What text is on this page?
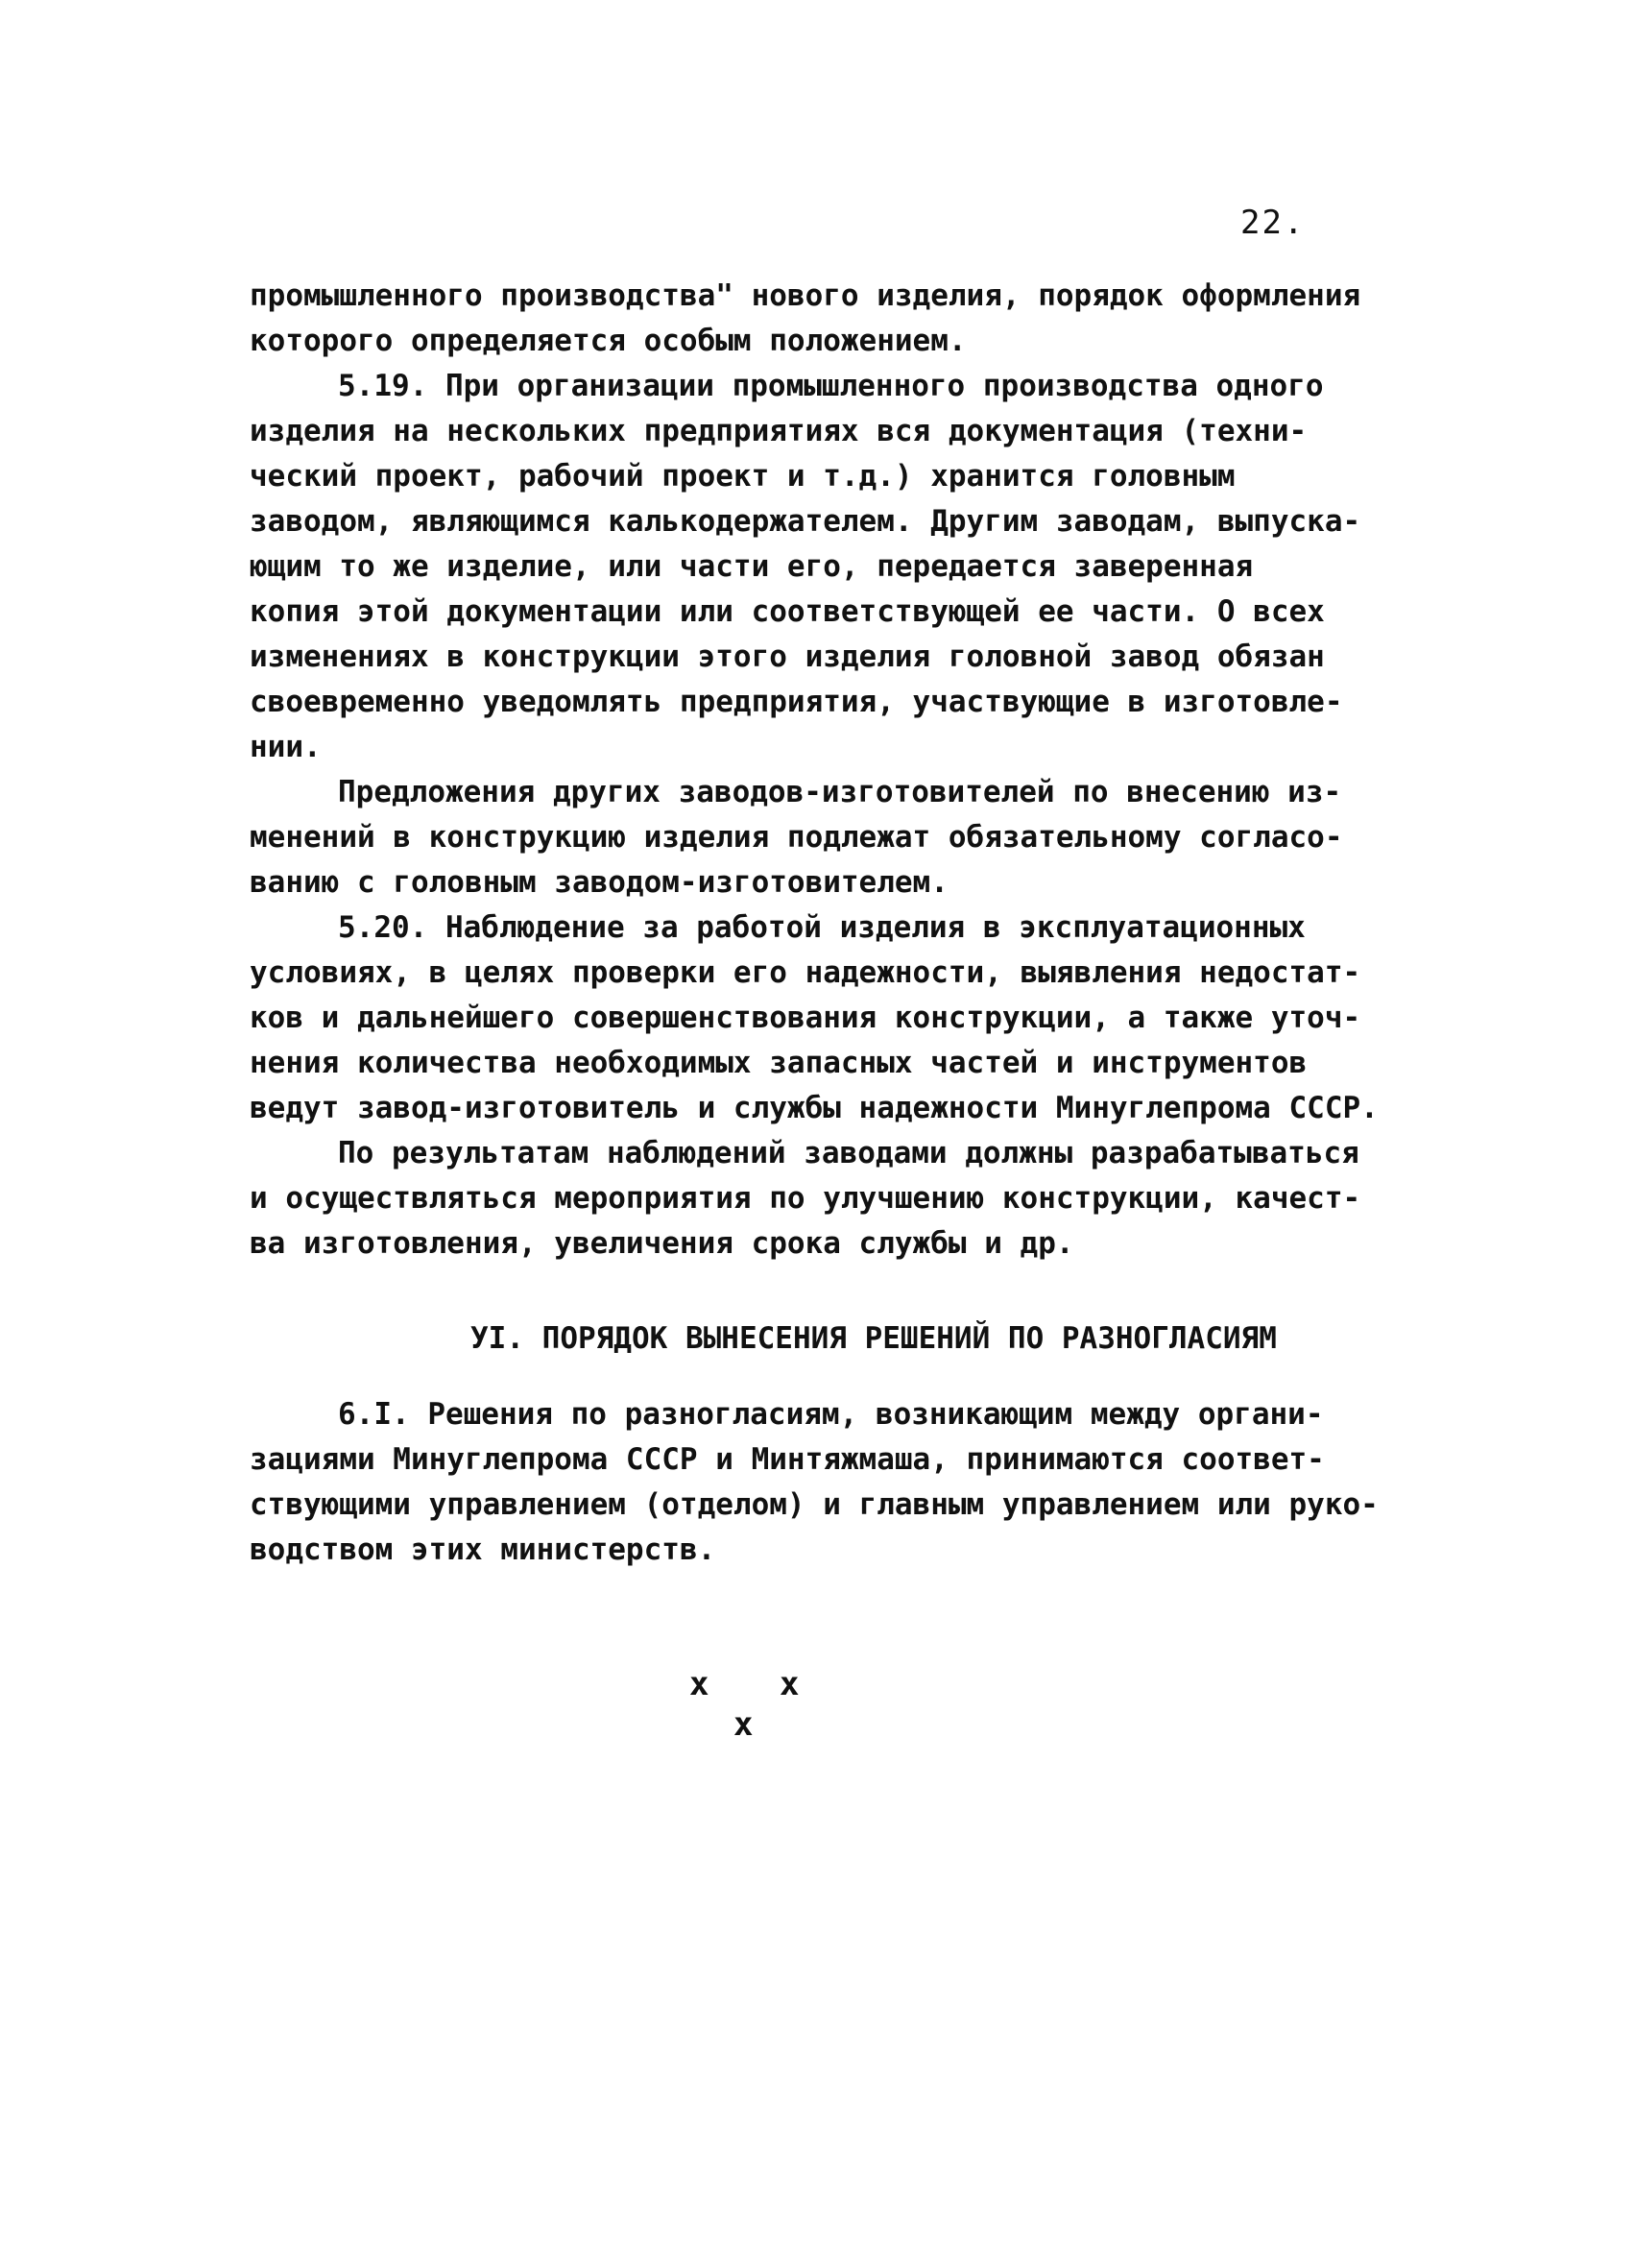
22.
промышленного производства" нового изделия, порядок оформления
которого определяется особым положением.
5.19. При организации промышленного производства одного
изделия на нескольких предприятиях вся документация (техни-
ческий проект, рабочий проект и т.д.) хранится головным
заводом, являющимся калькодержателем. Другим заводам, выпуска-
ющим то же изделие, или части его, передается заверенная
копия этой документации или соответствующей ее части. О всех
изменениях в конструкции этого изделия головной завод обязан
своевременно уведомлять предприятия, участвующие в изготовле-
нии.
Предложения других заводов-изготовителей по внесению из-
менений в конструкцию изделия подлежат обязательному согласо-
ванию с головным заводом-изготовителем.
5.20. Наблюдение за работой изделия в эксплуатационных
условиях, в целях проверки его надежности, выявления недостат-
ков и дальнейшего совершенствования конструкции, а также уточ-
нения количества необходимых запасных частей и инструментов
ведут завод-изготовитель и службы надежности Минуглепрома СССР.
По результатам наблюдений заводами должны разрабатываться
и осуществляться мероприятия по улучшению конструкции, качест-
ва изготовления, увеличения срока службы и др.
УI. ПОРЯДОК ВЫНЕСЕНИЯ РЕШЕНИЙ ПО РАЗНОГЛАСИЯМ
6.I. Решения по разногласиям, возникающим между органи-
зациями Минуглепрома СССР и Минтяжмаша, принимаются соответ-
ствующими управлением (отделом) и главным управлением или руко-
водством этих министерств.
x x
x
